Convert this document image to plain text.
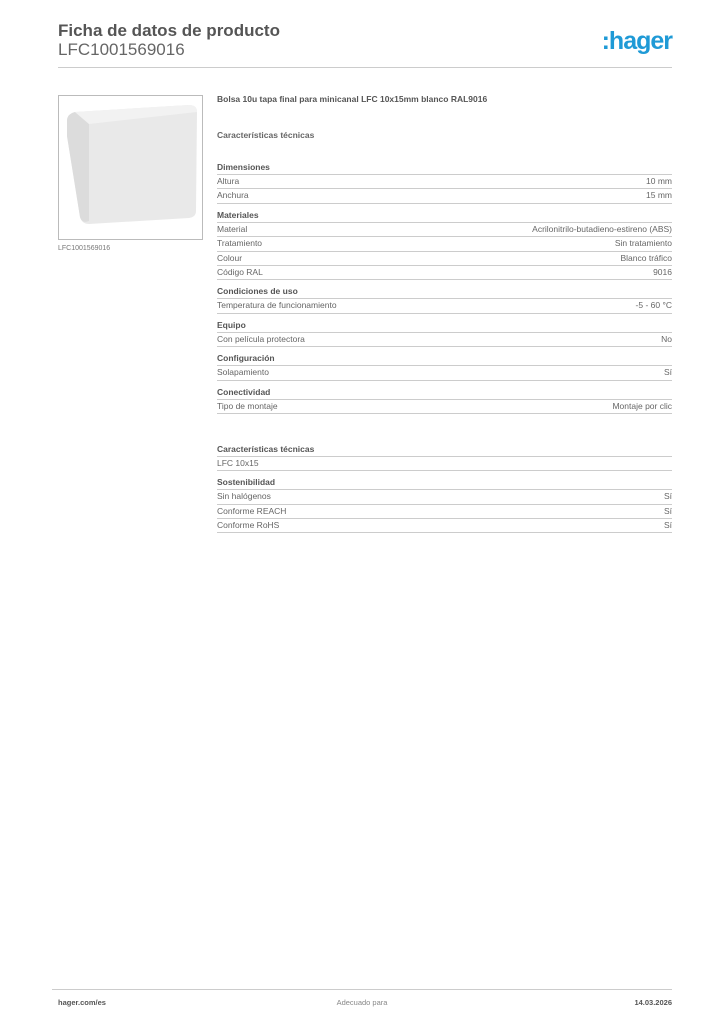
Ficha de datos de producto
LFC1001569016	:hager
LFC1001569016
Bolsa 10u tapa final para minicanal LFC 10x15mm blanco RAL9016
Características técnicas
Dimensiones
Altura	10 mm
Anchura	15 mm
Materiales
Material	Acrilonitrilo-butadieno-estireno (ABS)
Tratamiento	Sin tratamiento
Colour	Blanco tráfico
Código RAL	9016
Condiciones de uso
Temperatura de funcionamiento	-5 - 60 °C
Equipo
Con película protectora	No
Configuración
Solapamiento	Sí
Conectividad
Tipo de montaje	Montaje por clic
Características técnicas
LFC 10x15
Sostenibilidad
Sin halógenos	Sí
Conforme REACH	Sí
Conforme RoHS	Sí
hager.com/es	Adecuado para	14.03.2026
